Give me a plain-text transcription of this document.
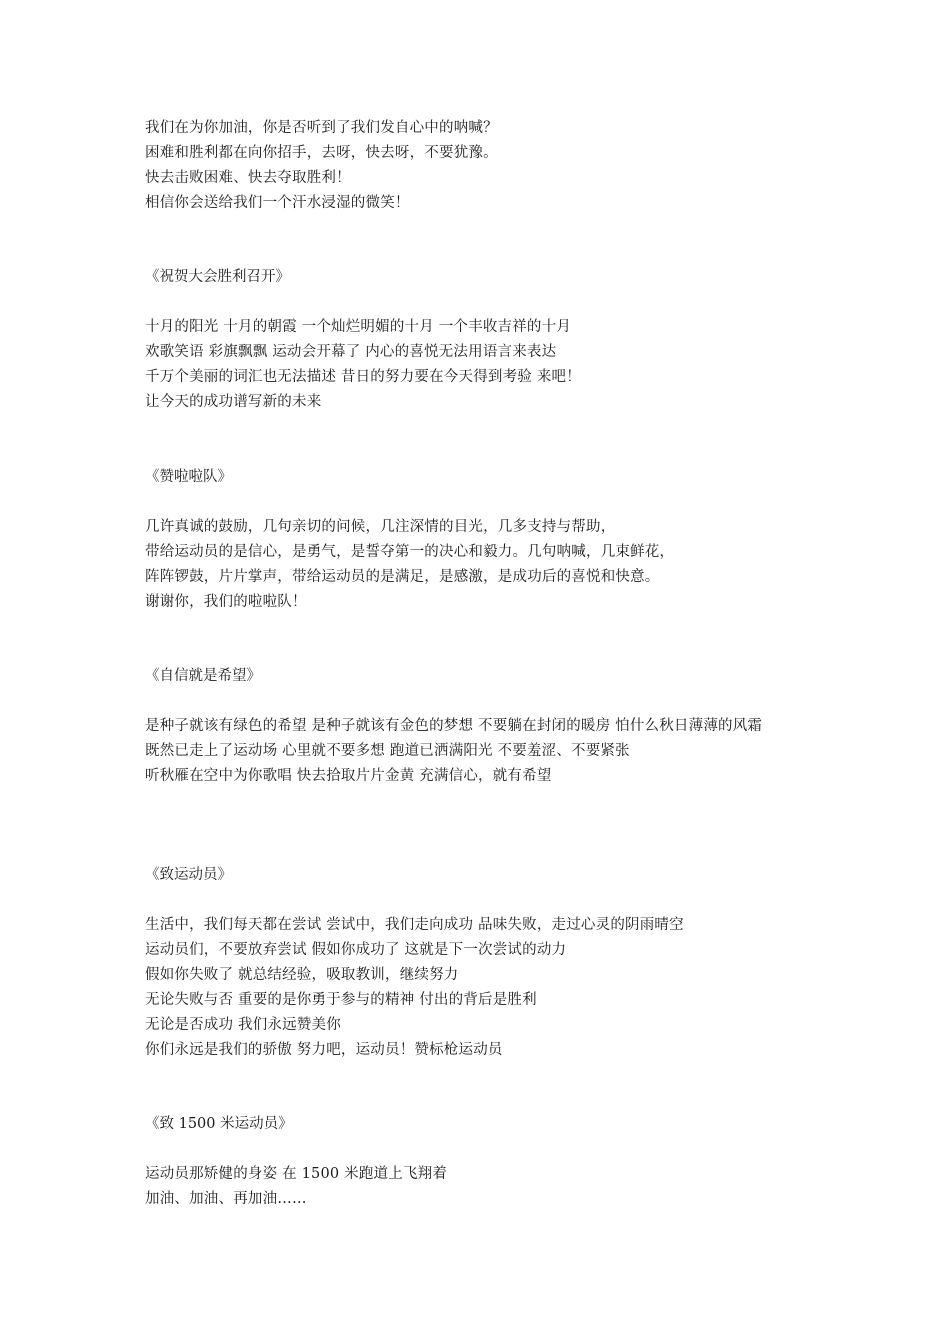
我们在为你加油，你是否听到了我们发自心中的呐喊？
困难和胜利都在向你招手，去呀，快去呀，不要犹豫。
快去击败困难、快去夺取胜利！
相信你会送给我们一个汗水浸湿的微笑！
《祝贺大会胜利召开》
十月的阳光 十月的朝霞 一个灿烂明媚的十月 一个丰收吉祥的十月
欢歌笑语 彩旗飘飘 运动会开幕了 内心的喜悦无法用语言来表达
千万个美丽的词汇也无法描述 昔日的努力要在今天得到考验 来吧！
让今天的成功谱写新的未来
《赞啦啦队》
几许真诚的鼓励，几句亲切的问候，几注深情的目光，几多支持与帮助，
带给运动员的是信心，是勇气，是誓夺第一的决心和毅力。几句呐喊，几束鲜花，
阵阵锣鼓，片片掌声，带给运动员的是满足，是感激，是成功后的喜悦和快意。
谢谢你，我们的啦啦队！
《自信就是希望》
是种子就该有绿色的希望 是种子就该有金色的梦想 不要躺在封闭的暖房 怕什么秋日薄薄的风霜
既然已走上了运动场 心里就不要多想 跑道已洒满阳光 不要羞涩、不要紧张
听秋雁在空中为你歌唱 快去拾取片片金黄 充满信心，就有希望
《致运动员》
生活中，我们每天都在尝试 尝试中，我们走向成功 品味失败，走过心灵的阴雨晴空
运动员们，不要放弃尝试 假如你成功了 这就是下一次尝试的动力
假如你失败了 就总结经验，吸取教训，继续努力
无论失败与否 重要的是你勇于参与的精神 付出的背后是胜利
无论是否成功 我们永远赞美你
你们永远是我们的骄傲 努力吧，运动员！赞标枪运动员
《致 1500 米运动员》
运动员那矫健的身姿 在 1500 米跑道上飞翔着
加油、加油、再加油……
